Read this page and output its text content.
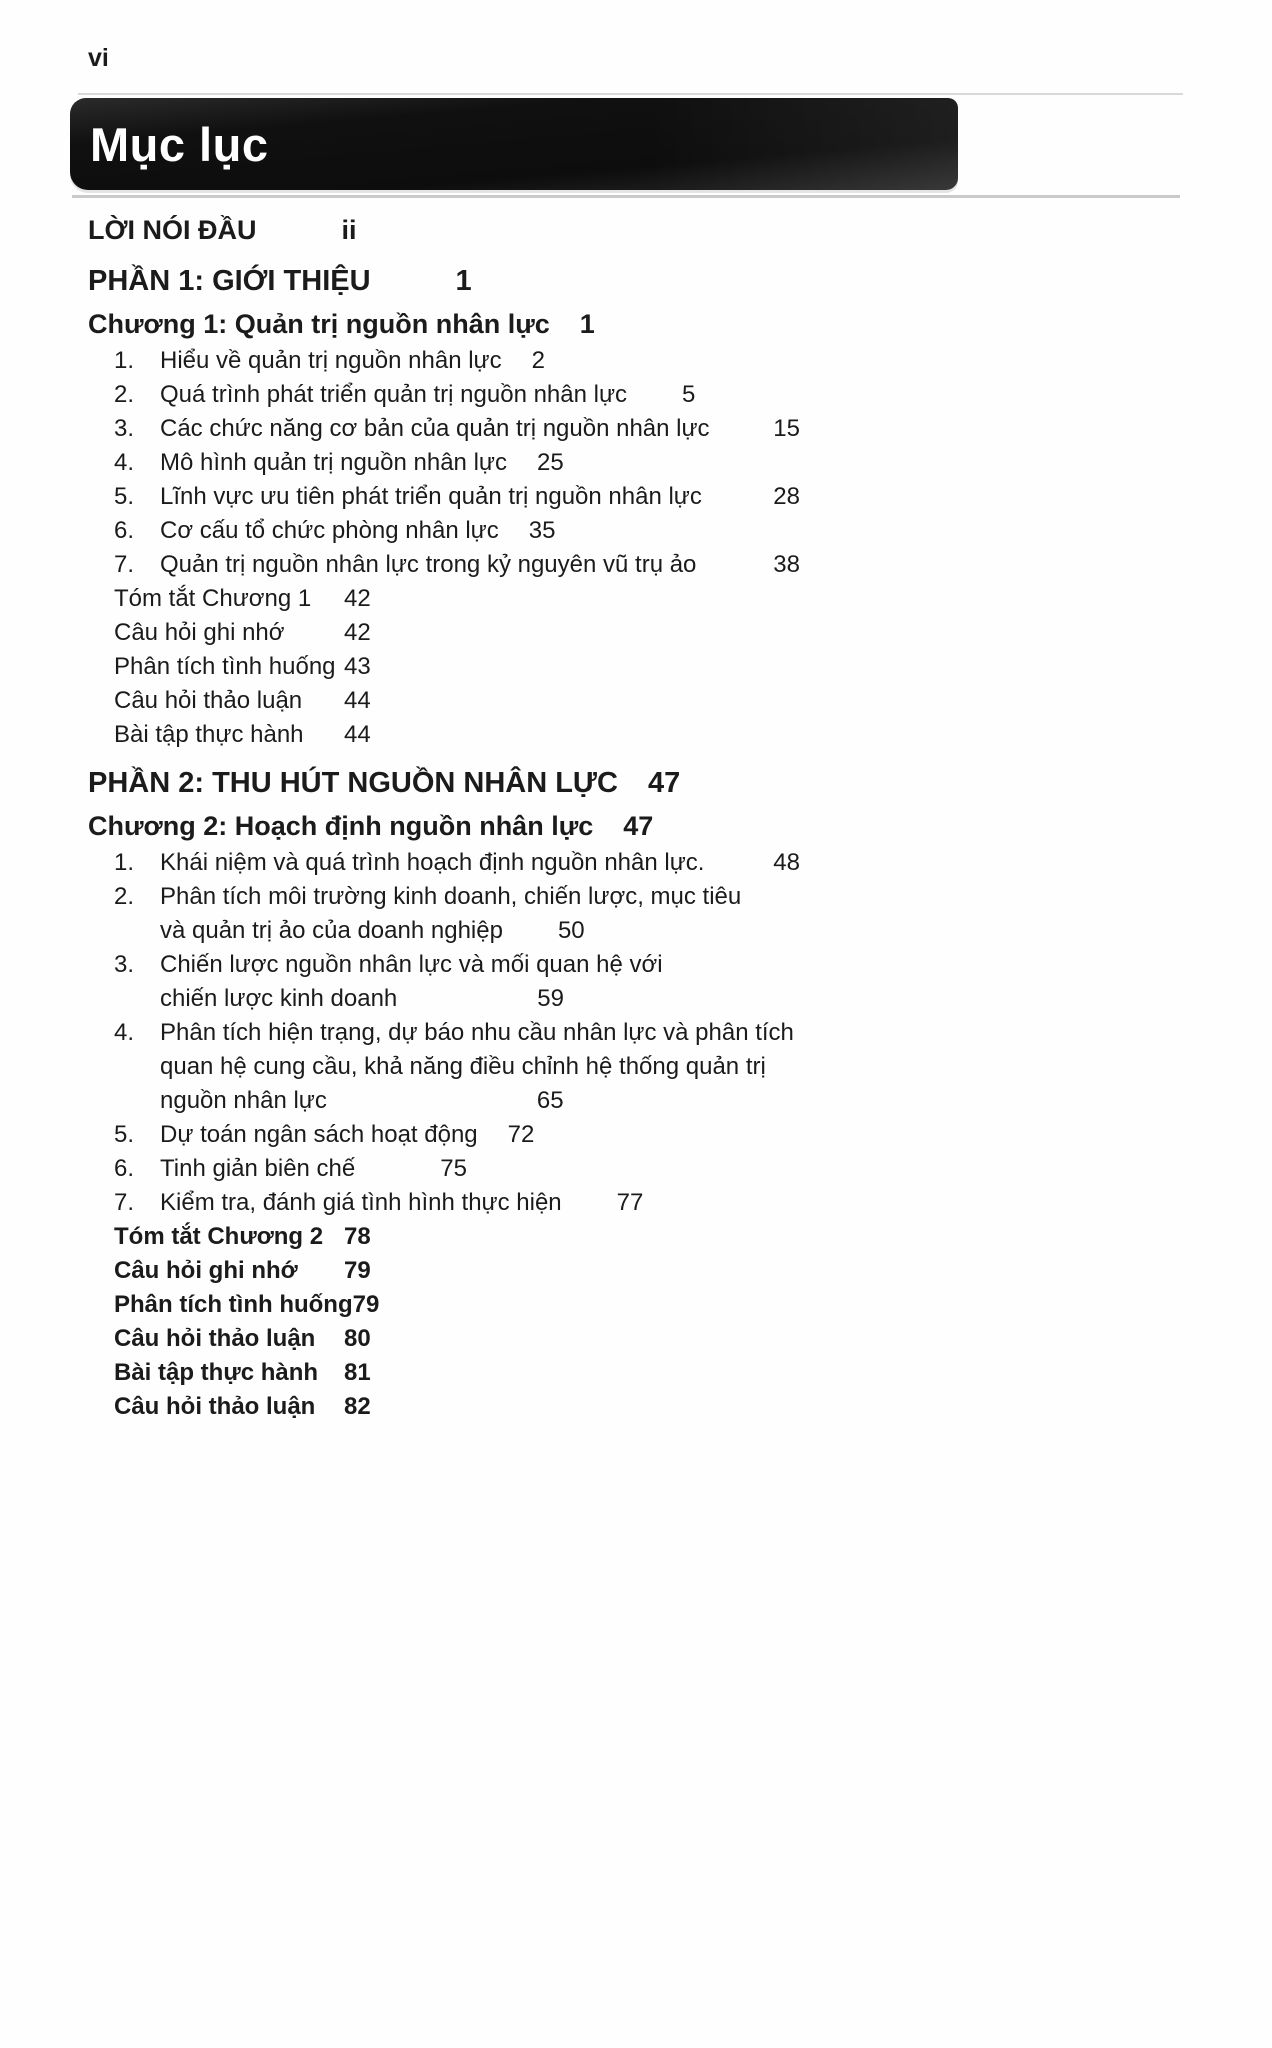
vi
Mục lục
LỜI NÓI ĐẦU	ii
PHẦN 1: GIỚI THIỆU	1
Chương 1: Quản trị nguồn nhân lực 1
1.	Hiểu về quản trị nguồn nhân lực 2
2.	Quá trình phát triển quản trị nguồn nhân lực 5
3.	Các chức năng cơ bản của quản trị nguồn nhân lực	15
4.	Mô hình quản trị nguồn nhân lực 25
5.	Lĩnh vực ưu tiên phát triển quản trị nguồn nhân lực	28
6.	Cơ cấu tổ chức phòng nhân lực 35
7.	Quản trị nguồn nhân lực trong kỷ nguyên vũ trụ ảo	38
Tóm tắt Chương 1	42
Câu hỏi ghi nhớ	42
Phân tích tình huống 43
Câu hỏi thảo luận	44
Bài tập thực hành	44
PHẦN 2: THU HÚT NGUỒN NHÂN LỰC 47
Chương 2: Hoạch định nguồn nhân lực 47
1.	Khái niệm và quá trình hoạch định nguồn nhân lực.	48
2.	Phân tích môi trường kinh doanh, chiến lược, mục tiêu
và quản trị ảo của doanh nghiệp 50
3.	Chiến lược nguồn nhân lực và mối quan hệ với
chiến lược kinh doanh	59
4.	Phân tích hiện trạng, dự báo nhu cầu nhân lực và phân tích
quan hệ cung cầu, khả năng điều chỉnh hệ thống quản trị
nguồn nhân lực	65
5.	Dự toán ngân sách hoạt động 72
6.	Tinh giản biên chế	75
7.	Kiểm tra, đánh giá tình hình thực hiện 77
Tóm tắt Chương 2 78
Câu hỏi ghi nhớ	79
Phân tích tình huống 79
Câu hỏi thảo luận	80
Bài tập thực hành	81
Câu hỏi thảo luận	82
